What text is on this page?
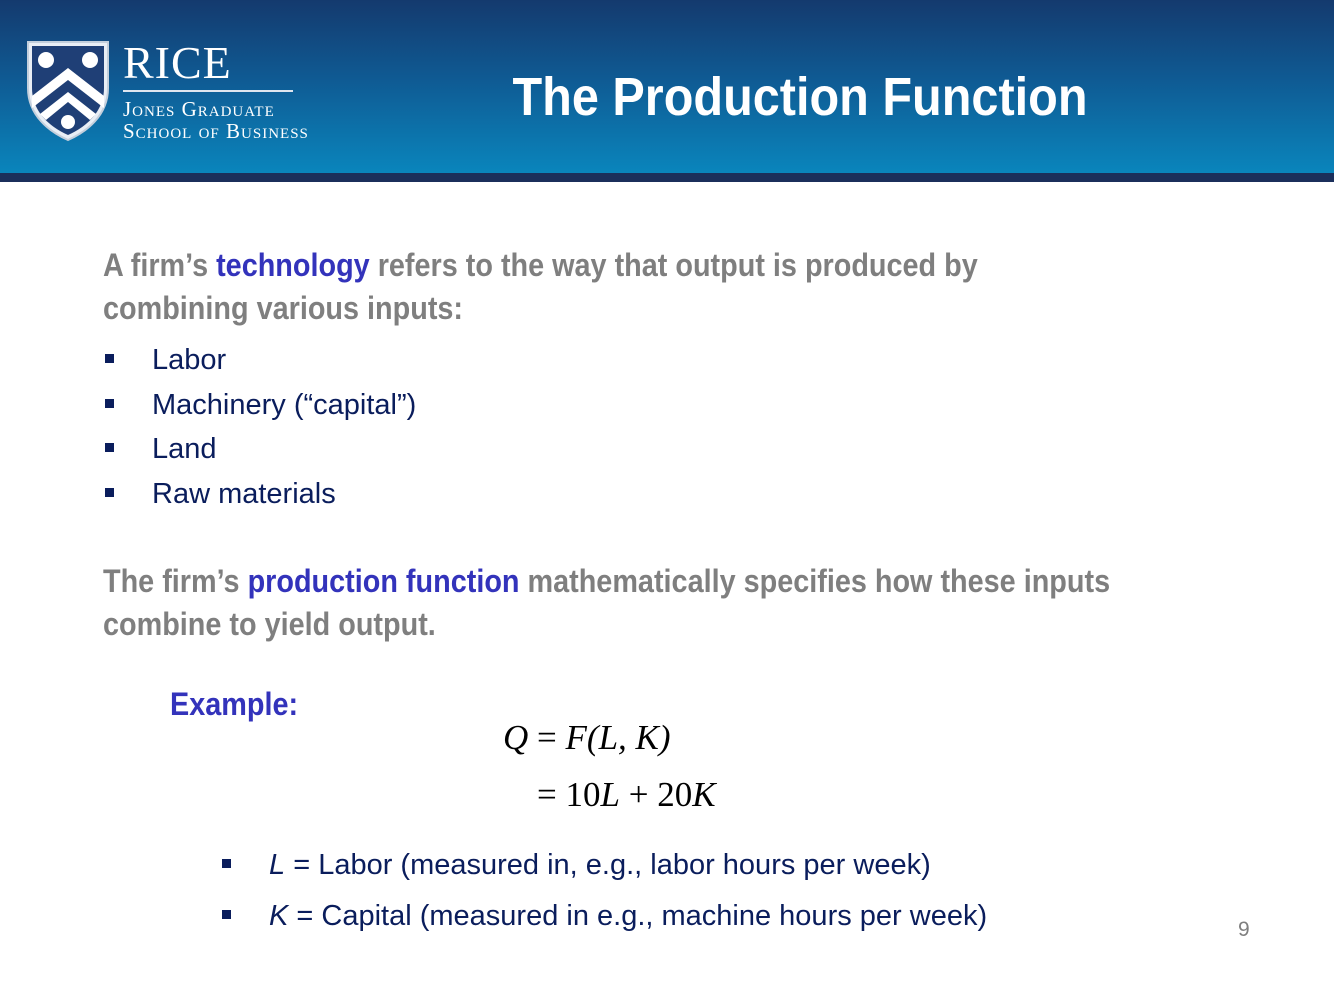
RICE
Jones Graduate
School of Business
The Production Function
A firm’s technology refers to the way that output is produced by combining various inputs:
Labor
Machinery (“capital”)
Land
Raw materials
The firm’s production function mathematically specifies how these inputs combine to yield output.
Example:
Q = F(L, K)
= 10L + 20K
L = Labor (measured in, e.g., labor hours per week)
K = Capital (measured in e.g., machine hours per week)	9
